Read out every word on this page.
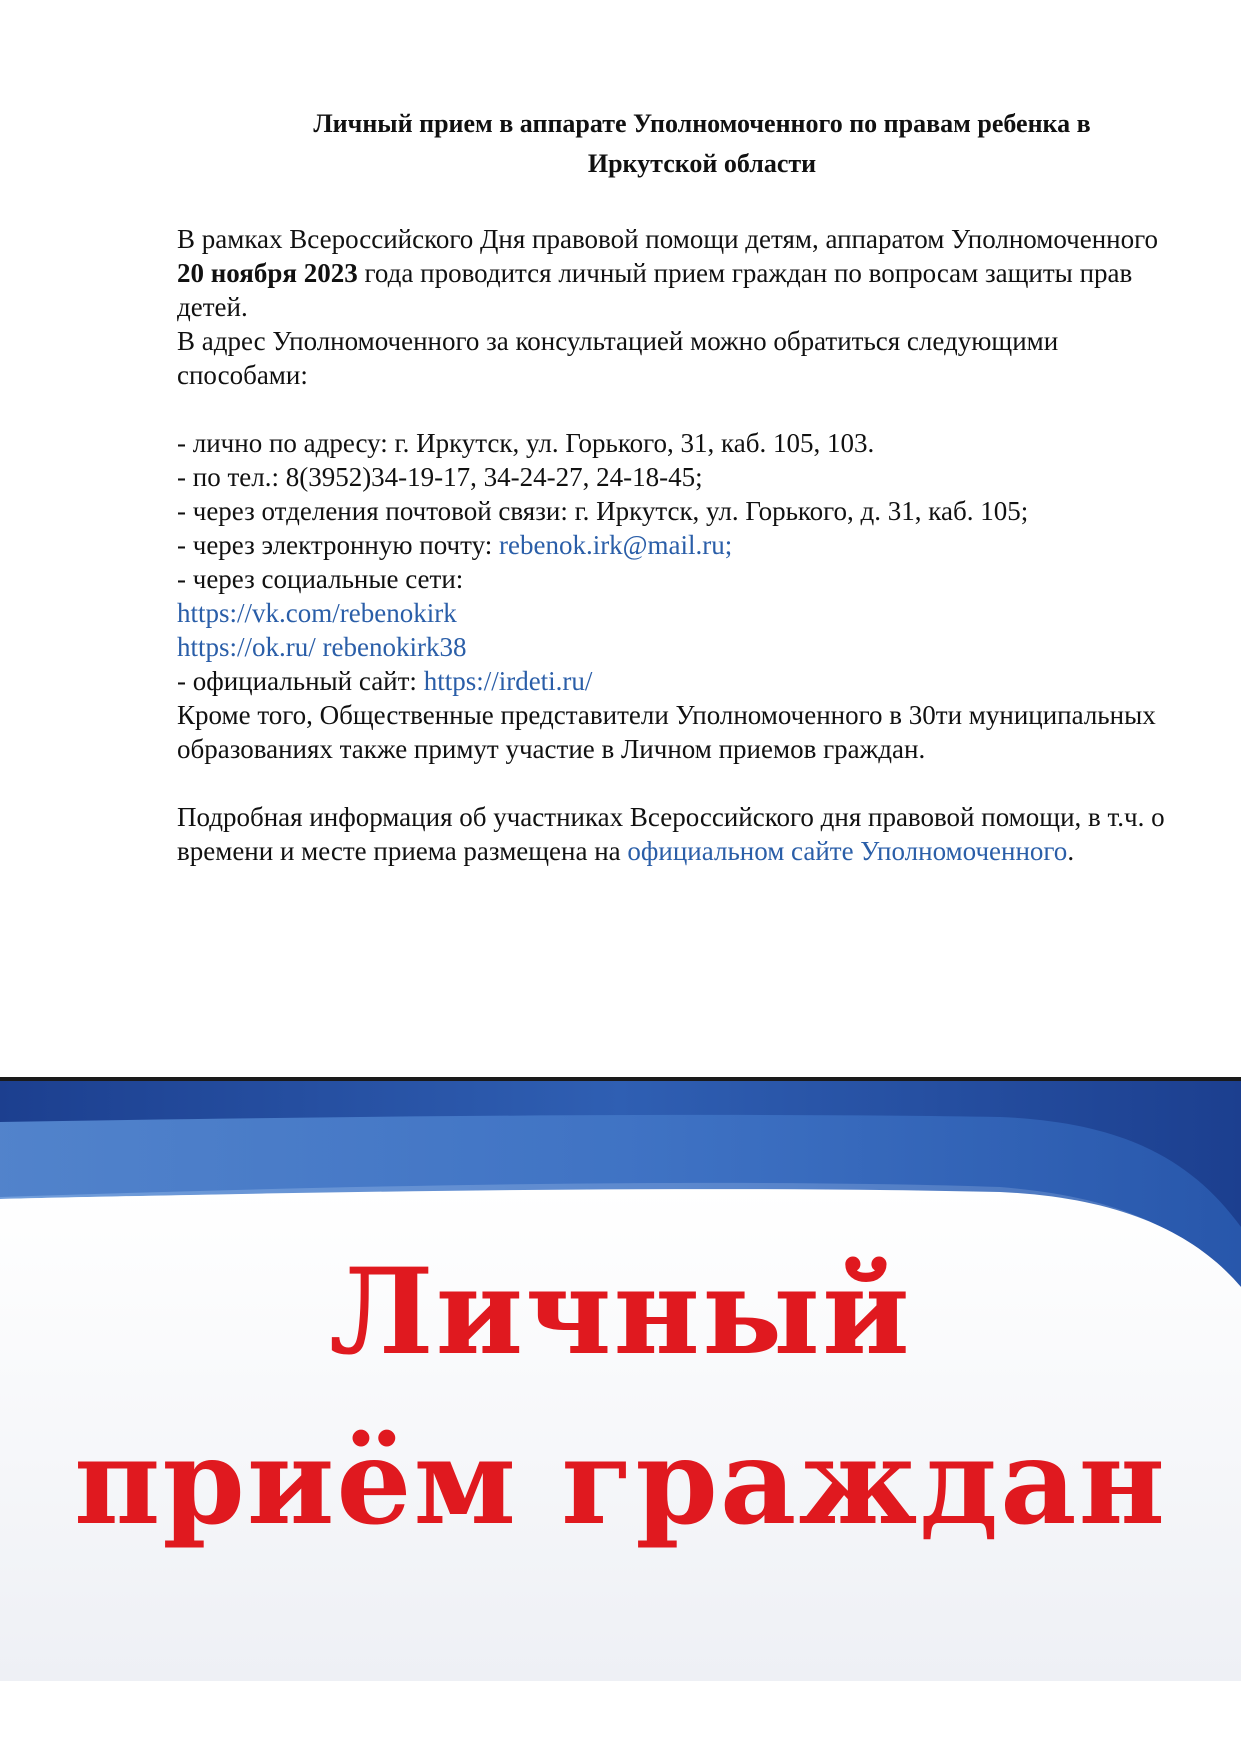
Личный прием в аппарате Уполномоченного по правам ребенка в
Иркутской области

В рамках Всероссийского Дня правовой помощи детям, аппаратом Уполномоченного 20 ноября 2023 года проводится личный прием граждан по вопросам защиты прав детей.

В адрес Уполномоченного за консультацией можно обратиться следующими способами:

- лично по адресу: г. Иркутск, ул. Горького, 31, каб. 105, 103.

- по тел.: 8(3952)34-19-17, 34-24-27, 24-18-45;

- через отделения почтовой связи: г. Иркутск, ул. Горького, д. 31, каб. 105;

- через электронную почту: rebenok.irk@mail.ru;

- через социальные сети:

https://vk.com/rebenokirk

https://ok.ru/ rebenokirk38

- официальный сайт: https://irdeti.ru/

Кроме того, Общественные представители Уполномоченного в 30ти муниципальных образованиях также примут участие в Личном приемов граждан.

Подробная информация об участниках Всероссийского дня правовой помощи, в т.ч. о времени и месте приема размещена на официальном сайте Уполномоченного.

Личный
приём граждан
